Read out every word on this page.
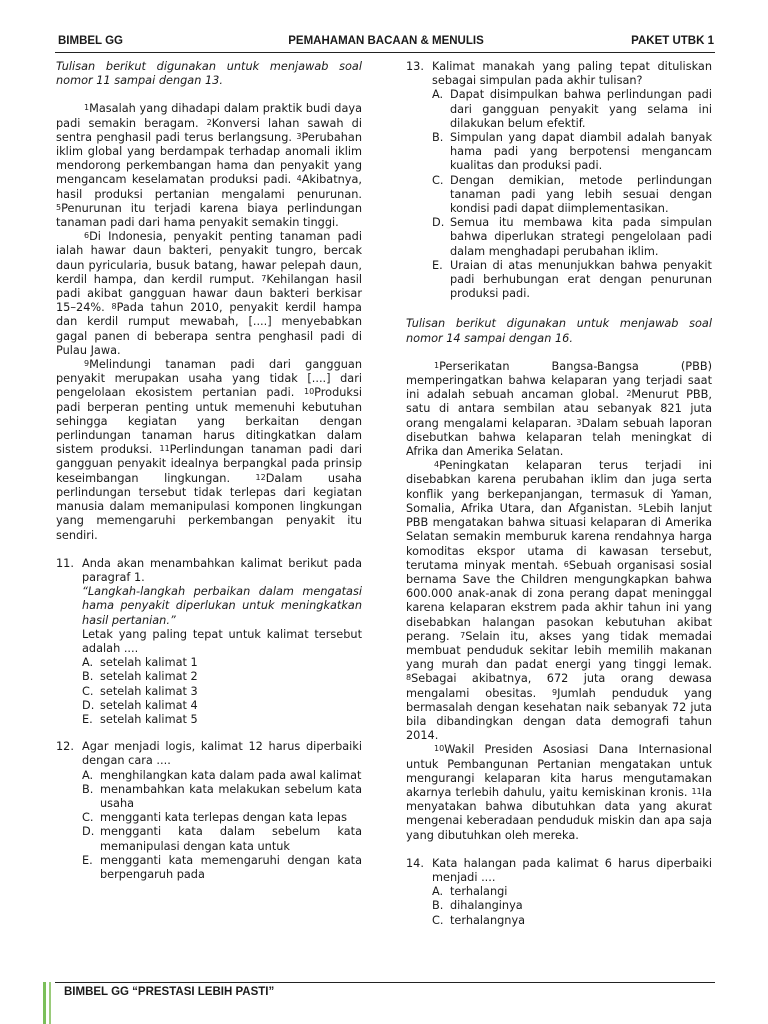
BIMBEL GG	PEMAHAMAN BACAAN & MENULIS	PAKET UTBK 1

Tulisan berikut digunakan untuk menjawab soal nomor 11 sampai dengan 13.

$^1$Masalah yang dihadapi dalam praktik budi daya padi semakin beragam. $^2$Konversi lahan sawah di sentra penghasil padi terus berlangsung. $^3$Perubahan iklim global yang berdampak terhadap anomali iklim mendorong perkembangan hama dan penyakit yang mengancam keselamatan produksi padi. $^4$Akibatnya, hasil produksi pertanian mengalami penurunan. $^5$Penurunan itu terjadi karena biaya perlindungan tanaman padi dari hama penyakit semakin tinggi.

$^6$Di Indonesia, penyakit penting tanaman padi ialah hawar daun bakteri, penyakit tungro, bercak daun pyricularia, busuk batang, hawar pelepah daun, kerdil hampa, dan kerdil rumput. $^7$Kehilangan hasil padi akibat gangguan hawar daun bakteri berkisar 15–24%. $^8$Pada tahun 2010, penyakit kerdil hampa dan kerdil rumput mewabah, [....] menyebabkan gagal panen di beberapa sentra penghasil padi di Pulau Jawa.

$^9$Melindungi tanaman padi dari gangguan penyakit merupakan usaha yang tidak [....] dari pengelolaan ekosistem pertanian padi. $^{10}$Produksi padi berperan penting untuk memenuhi kebutuhan sehingga kegiatan yang berkaitan dengan perlindungan tanaman harus ditingkatkan dalam sistem produksi. $^{11}$Perlindungan tanaman padi dari gangguan penyakit idealnya berpangkal pada prinsip keseimbangan lingkungan. $^{12}$Dalam usaha perlindungan tersebut tidak terlepas dari kegiatan manusia dalam memanipulasi komponen lingkungan yang memengaruhi perkembangan penyakit itu sendiri.

11. Anda akan menambahkan kalimat berikut pada paragraf 1.

“Langkah-langkah perbaikan dalam mengatasi hama penyakit diperlukan untuk meningkatkan hasil pertanian.”

Letak yang paling tepat untuk kalimat tersebut adalah ....

A. setelah kalimat 1
B. setelah kalimat 2
C. setelah kalimat 3
D. setelah kalimat 4
E. setelah kalimat 5
12. Agar menjadi logis, kalimat 12 harus diperbaiki dengan cara ....

A. menghilangkan kata dalam pada awal kalimat
B. menambahkan kata melakukan sebelum kata usaha
C. mengganti kata terlepas dengan kata lepas
D. mengganti kata dalam sebelum kata memanipulasi dengan kata untuk
E. mengganti kata memengaruhi dengan kata berpengaruh pada
13. Kalimat manakah yang paling tepat dituliskan sebagai simpulan pada akhir tulisan?

A. Dapat disimpulkan bahwa perlindungan padi dari gangguan penyakit yang selama ini dilakukan belum efektif.
B. Simpulan yang dapat diambil adalah banyak hama padi yang berpotensi mengancam kualitas dan produksi padi.
C. Dengan demikian, metode perlindungan tanaman padi yang lebih sesuai dengan kondisi padi dapat diimplementasikan.
D. Semua itu membawa kita pada simpulan bahwa diperlukan strategi pengelolaan padi dalam menghadapi perubahan iklim.
E. Uraian di atas menunjukkan bahwa penyakit padi berhubungan erat dengan penurunan produksi padi.

Tulisan berikut digunakan untuk menjawab soal nomor 14 sampai dengan 16.

$^1$Perserikatan Bangsa-Bangsa (PBB) memperingatkan bahwa kelaparan yang terjadi saat ini adalah sebuah ancaman global. $^2$Menurut PBB, satu di antara sembilan atau sebanyak 821 juta orang mengalami kelaparan. $^3$Dalam sebuah laporan disebutkan bahwa kelaparan telah meningkat di Afrika dan Amerika Selatan.

$^4$Peningkatan kelaparan terus terjadi ini disebabkan karena perubahan iklim dan juga serta konflik yang berkepanjangan, termasuk di Yaman, Somalia, Afrika Utara, dan Afganistan. $^5$Lebih lanjut PBB mengatakan bahwa situasi kelaparan di Amerika Selatan semakin memburuk karena rendahnya harga komoditas ekspor utama di kawasan tersebut, terutama minyak mentah. $^6$Sebuah organisasi sosial bernama Save the Children mengungkapkan bahwa 600.000 anak-anak di zona perang dapat meninggal karena kelaparan ekstrem pada akhir tahun ini yang disebabkan halangan pasokan kebutuhan akibat perang. $^7$Selain itu, akses yang tidak memadai membuat penduduk sekitar lebih memilih makanan yang murah dan padat energi yang tinggi lemak. $^8$Sebagai akibatnya, 672 juta orang dewasa mengalami obesitas. $^9$Jumlah penduduk yang bermasalah dengan kesehatan naik sebanyak 72 juta bila dibandingkan dengan data demografi tahun 2014.

$^{10}$Wakil Presiden Asosiasi Dana Internasional untuk Pembangunan Pertanian mengatakan untuk mengurangi kelaparan kita harus mengutamakan akarnya terlebih dahulu, yaitu kemiskinan kronis. $^{11}$Ia menyatakan bahwa dibutuhkan data yang akurat mengenai keberadaan penduduk miskin dan apa saja yang dibutuhkan oleh mereka.

14. Kata halangan pada kalimat 6 harus diperbaiki menjadi ....

A. terhalangi
B. dihalanginya
C. terhalangnya
BIMBEL GG “PRESTASI LEBIH PASTI”
